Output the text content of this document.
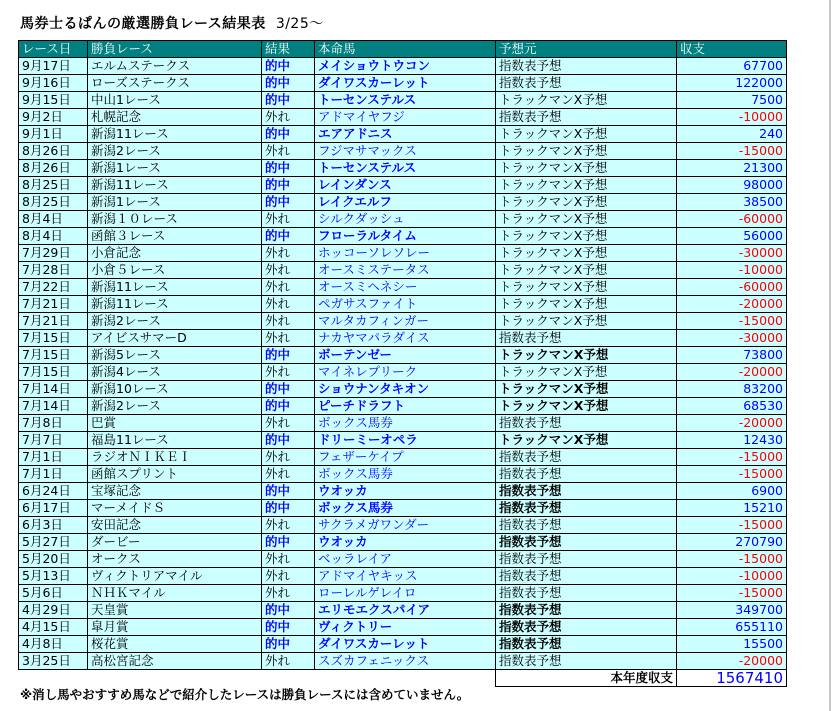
馬券士るぱんの厳選勝負レース結果表 3/25～
レース日	勝負レース	結果	本命馬	予想元	収支
9月17日	エルムステークス	的中	メイショウトウコン	指数表予想	67700
9月16日	ローズステークス	的中	ダイワスカーレット	指数表予想	122000
9月15日	中山1レース	的中	トーセンステルス	トラックマンX予想	7500
9月2日	札幌記念	外れ	アドマイヤフジ	指数表予想	-10000
9月1日	新潟11レース	的中	エアアドニス	トラックマンX予想	240
8月26日	新潟2レース	外れ	フジマサマックス	トラックマンX予想	-15000
8月26日	新潟1レース	的中	トーセンステルス	トラックマンX予想	21300
8月25日	新潟11レース	的中	レインダンス	トラックマンX予想	98000
8月25日	新潟1レース	的中	レイクエルフ	トラックマンX予想	38500
8月4日	新潟１０レース	外れ	シルクダッシュ	トラックマンX予想	-60000
8月4日	函館３レース	的中	フローラルタイム	トラックマンX予想	56000
7月29日	小倉記念	外れ	ホッコーソレソレー	トラックマンX予想	-30000
7月28日	小倉５レース	外れ	オースミステータス	トラックマンX予想	-10000
7月22日	新潟11レース	外れ	オースミヘネシー	トラックマンX予想	-60000
7月21日	新潟11レース	外れ	ペガサスファイト	トラックマンX予想	-20000
7月21日	新潟2レース	外れ	マルタカフィンガー	トラックマンX予想	-15000
7月15日	アイビスサマーD	外れ	ナカヤマパラダイス	指数表予想	-30000
7月15日	新潟5レース	的中	ボーテンゼー	トラックマンX予想	73800
7月15日	新潟4レース	外れ	マイネレプリーク	トラックマンX予想	-20000
7月14日	新潟10レース	的中	ショウナンタキオン	トラックマンX予想	83200
7月14日	新潟2レース	的中	ピーチドラフト	トラックマンX予想	68530
7月8日	巴賞	外れ	ボックス馬券	指数表予想	-20000
7月7日	福島11レース	的中	ドリーミーオペラ	トラックマンX予想	12430
7月1日	ラジオＮＩＫＥＩ	外れ	フェザーケイプ	指数表予想	-15000
7月1日	函館スプリント	外れ	ボックス馬券	指数表予想	-15000
6月24日	宝塚記念	的中	ウオッカ	指数表予想	6900
6月17日	マーメイドＳ	的中	ボックス馬券	指数表予想	15210
6月3日	安田記念	外れ	サクラメガワンダー	指数表予想	-15000
5月27日	ダービー	的中	ウオッカ	指数表予想	270790
5月20日	オークス	外れ	ベッラレイア	指数表予想	-15000
5月13日	ヴィクトリアマイル	外れ	アドマイヤキッス	指数表予想	-10000
5月6日	ＮＨＫマイル	外れ	ローレルゲレイロ	指数表予想	-15000
4月29日	天皇賞	的中	エリモエクスパイア	指数表予想	349700
4月15日	皐月賞	的中	ヴィクトリー	指数表予想	655110
4月8日	桜花賞	的中	ダイワスカーレット	指数表予想	15500
3月25日	高松宮記念	外れ	スズカフェニックス	指数表予想	-20000
				本年度収支	1567410
※消し馬やおすすめ馬などで紹介したレースは勝負レースには含めていません。
